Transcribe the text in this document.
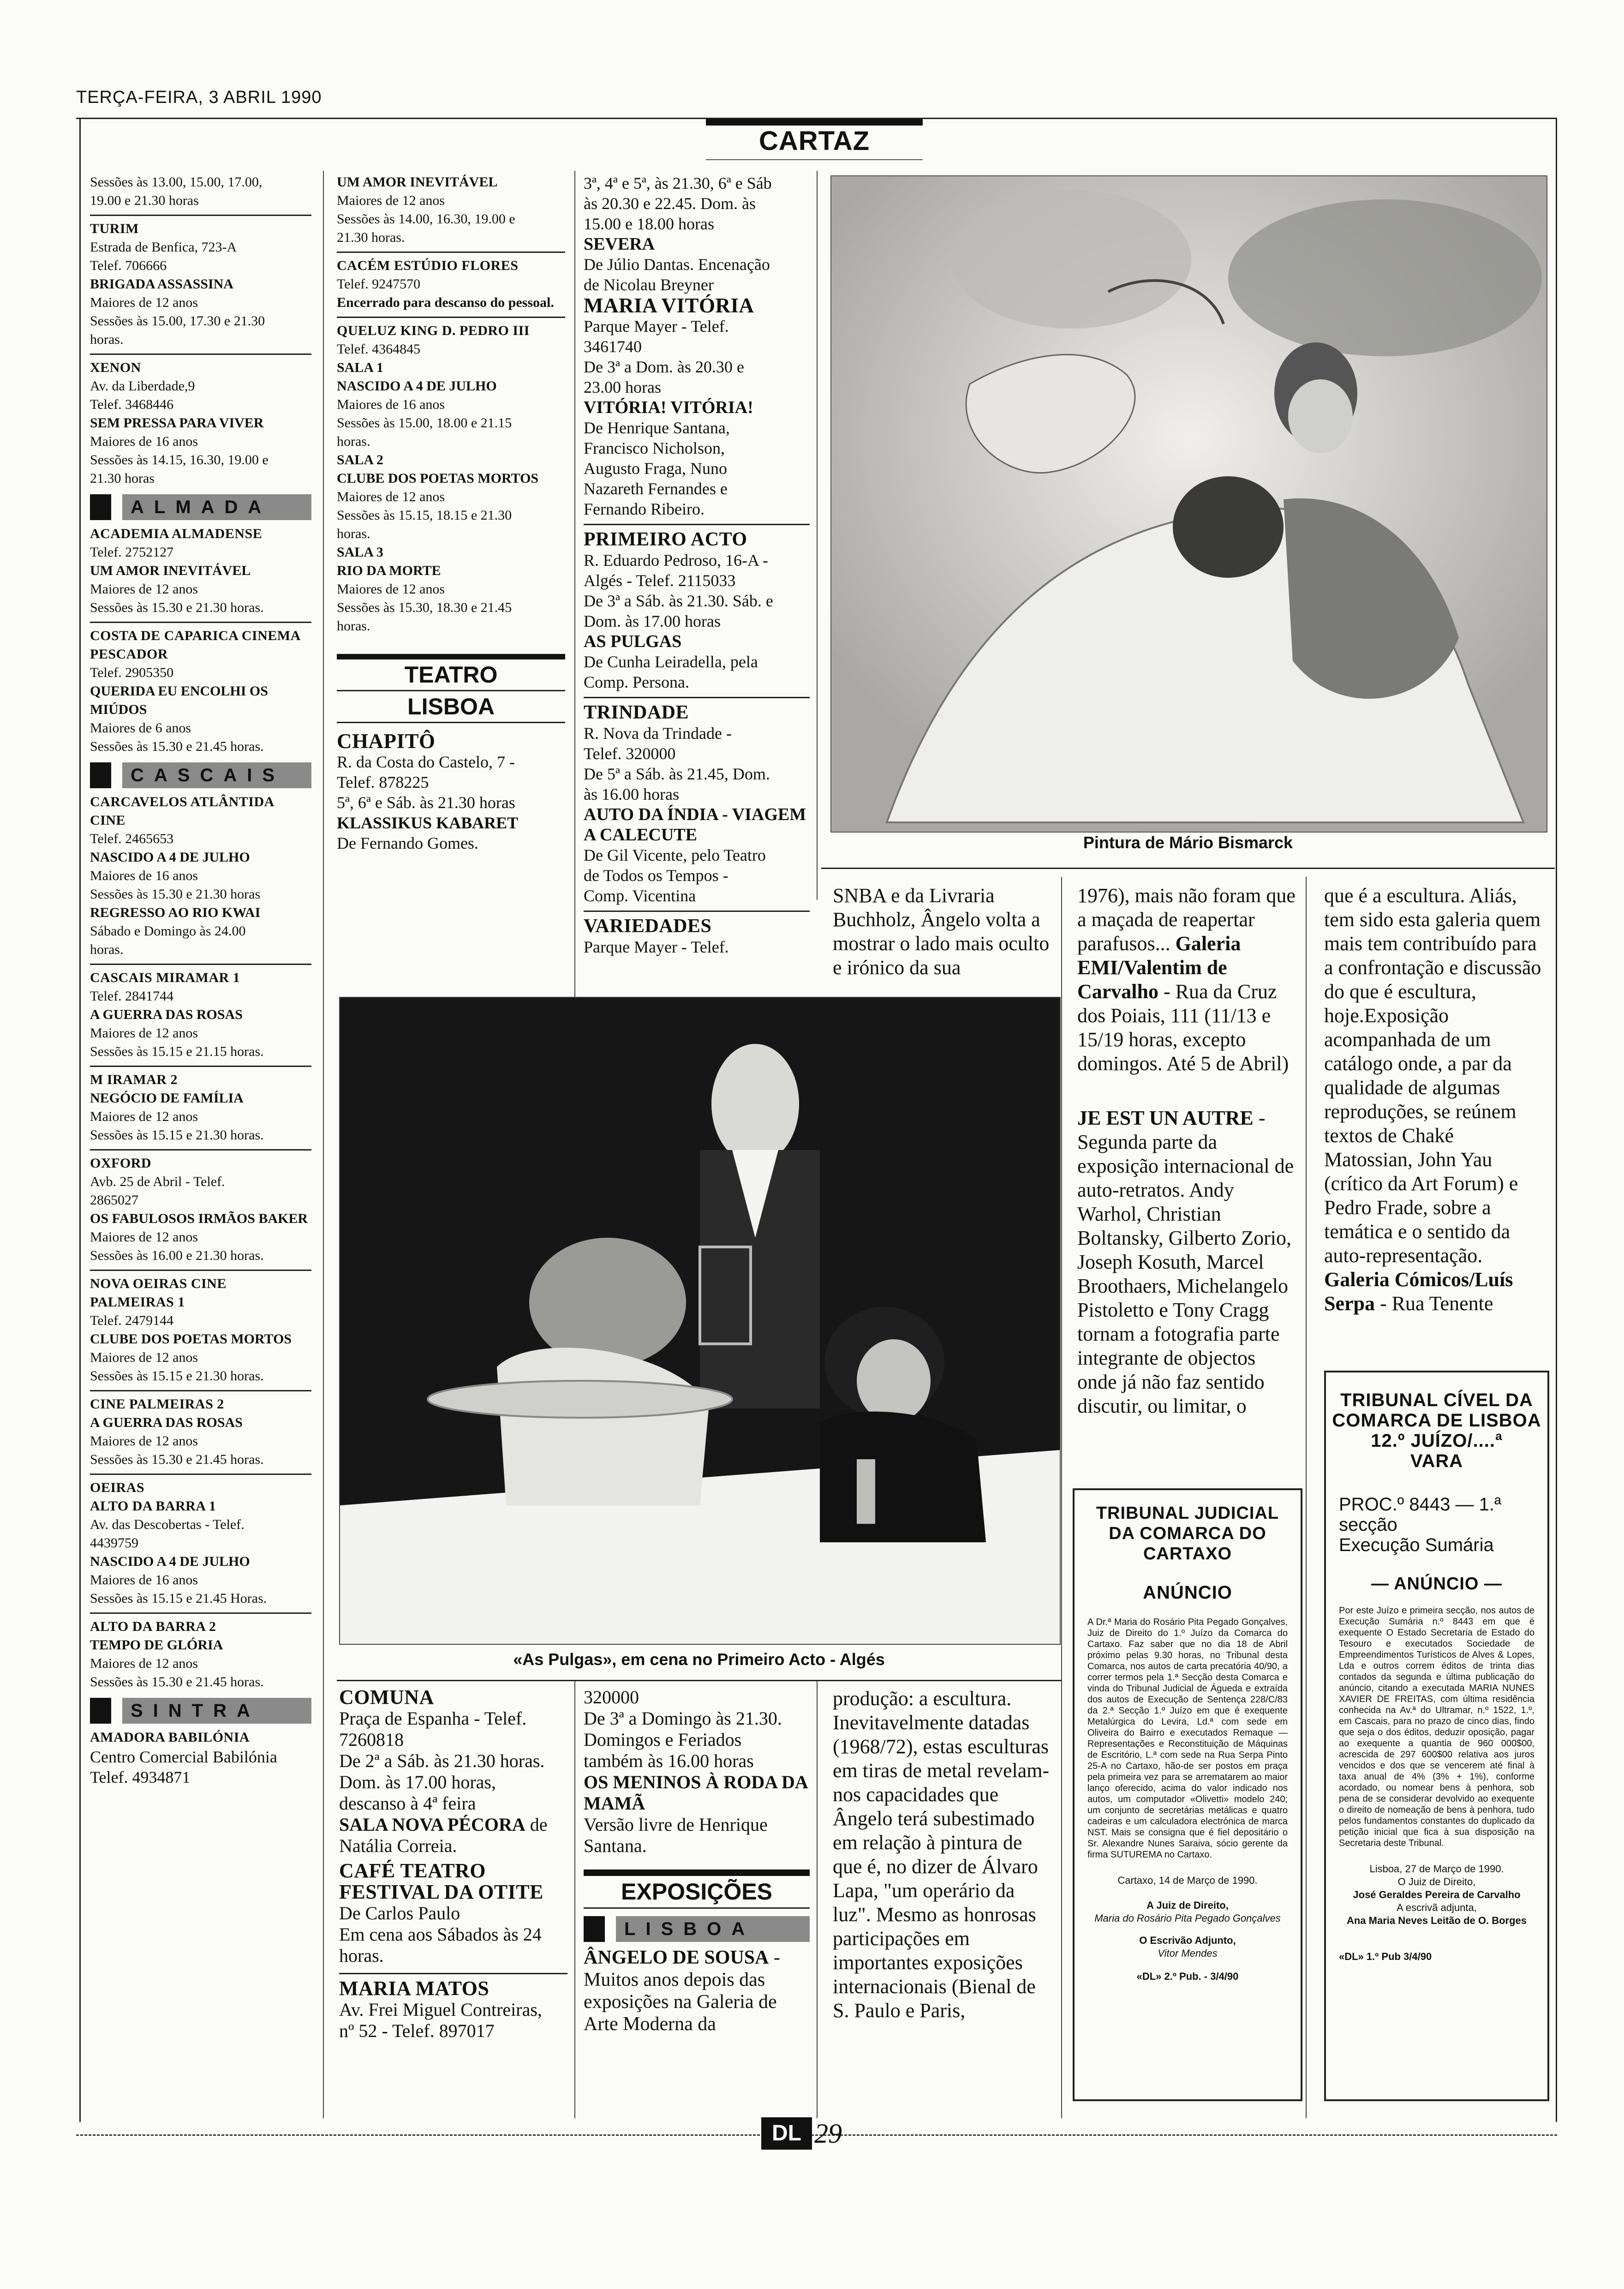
TERÇA-FEIRA, 3 ABRIL 1990
CARTAZ
Sessões às 13.00, 15.00, 17.00,
19.00 e 21.30 horas
TURIM
Estrada de Benfica, 723-A
Telef. 706666
BRIGADA ASSASSINA
Maiores de 12 anos
Sessões às 15.00, 17.30 e 21.30
horas.
XENON
Av. da Liberdade,9
Telef. 3468446
SEM PRESSA PARA VIVER
Maiores de 16 anos
Sessões às 14.15, 16.30, 19.00 e
21.30 horas
ALMADA
ACADEMIA ALMADENSE
Telef. 2752127
UM AMOR INEVITÁVEL
Maiores de 12 anos
Sessões às 15.30 e 21.30 horas.
COSTA DE CAPARICA CINEMA PESCADOR
Telef. 2905350
QUERIDA EU ENCOLHI OS MIÚDOS
Maiores de 6 anos
Sessões às 15.30 e 21.45 horas.
CASCAIS
CARCAVELOS ATLÂNTIDA CINE
Telef. 2465653
NASCIDO A 4 DE JULHO
Maiores de 16 anos
Sessões às 15.30 e 21.30 horas
REGRESSO AO RIO KWAI
Sábado e Domingo às 24.00
horas.
CASCAIS MIRAMAR 1
Telef. 2841744
A GUERRA DAS ROSAS
Maiores de 12 anos
Sessões às 15.15 e 21.15 horas.
M IRAMAR 2
NEGÓCIO DE FAMÍLIA
Maiores de 12 anos
Sessões às 15.15 e 21.30 horas.
OXFORD
Avb. 25 de Abril - Telef.
2865027
OS FABULOSOS IRMÃOS BAKER
Maiores de 12 anos
Sessões às 16.00 e 21.30 horas.
NOVA OEIRAS CINE PALMEIRAS 1
Telef. 2479144
CLUBE DOS POETAS MORTOS
Maiores de 12 anos
Sessões às 15.15 e 21.30 horas.
CINE PALMEIRAS 2
A GUERRA DAS ROSAS
Maiores de 12 anos
Sessões às 15.30 e 21.45 horas.
OEIRAS
ALTO DA BARRA 1
Av. das Descobertas - Telef.
4439759
NASCIDO A 4 DE JULHO
Maiores de 16 anos
Sessões às 15.15 e 21.45 Horas.
ALTO DA BARRA 2
TEMPO DE GLÓRIA
Maiores de 12 anos
Sessões às 15.30 e 21.45 horas.
SINTRA
AMADORA BABILÓNIA
Centro Comercial Babilónia
Telef. 4934871
UM AMOR INEVITÁVEL
Maiores de 12 anos
Sessões às 14.00, 16.30, 19.00 e
21.30 horas.
CACÉM ESTÚDIO FLORES
Telef. 9247570
Encerrado para descanso do pessoal.
QUELUZ KING D. PEDRO III
Telef. 4364845
SALA 1
NASCIDO A 4 DE JULHO
Maiores de 16 anos
Sessões às 15.00, 18.00 e 21.15
horas.
SALA 2
CLUBE DOS POETAS MORTOS
Maiores de 12 anos
Sessões às 15.15, 18.15 e 21.30
horas.
SALA 3
RIO DA MORTE
Maiores de 12 anos
Sessões às 15.30, 18.30 e 21.45
horas.
TEATRO
LISBOA
CHAPITÔ
R. da Costa do Castelo, 7 -
Telef. 878225
5ª, 6ª e Sáb. às 21.30 horas
KLASSIKUS KABARET
De Fernando Gomes.
3ª, 4ª e 5ª, às 21.30, 6ª e Sáb
às 20.30 e 22.45. Dom. às
15.00 e 18.00 horas
SEVERA
De Júlio Dantas. Encenação
de Nicolau Breyner
MARIA VITÓRIA
Parque Mayer - Telef.
3461740
De 3ª a Dom. às 20.30 e
23.00 horas
VITÓRIA! VITÓRIA!
De Henrique Santana,
Francisco Nicholson,
Augusto Fraga, Nuno
Nazareth Fernandes e
Fernando Ribeiro.
PRIMEIRO ACTO
R. Eduardo Pedroso, 16-A -
Algés - Telef. 2115033
De 3ª a Sáb. às 21.30. Sáb. e
Dom. às 17.00 horas
AS PULGAS
De Cunha Leiradella, pela
Comp. Persona.
TRINDADE
R. Nova da Trindade -
Telef. 320000
De 5ª a Sáb. às 21.45, Dom.
às 16.00 horas
AUTO DA ÍNDIA - VIAGEM A CALECUTE
De Gil Vicente, pelo Teatro
de Todos os Tempos -
Comp. Vicentina
VARIEDADES
Parque Mayer - Telef.
Pintura de Mário Bismarck
SNBA e da Livraria Buchholz, Ângelo volta a mostrar o lado mais oculto e irónico da sua
1976), mais não foram que a maçada de reapertar parafusos... Galeria EMI/Valentim de Carvalho - Rua da Cruz dos Poiais, 111 (11/13 e 15/19 horas, excepto domingos. Até 5 de Abril)
JE EST UN AUTRE - Segunda parte da exposição internacional de auto-retratos. Andy Warhol, Christian Boltansky, Gilberto Zorio, Joseph Kosuth, Marcel Broothaers, Michelangelo Pistoletto e Tony Cragg tornam a fotografia parte integrante de objectos onde já não faz sentido discutir, ou limitar, o
que é a escultura. Aliás, tem sido esta galeria quem mais tem contribuído para a confrontação e discussão do que é escultura, hoje.Exposição acompanhada de um catálogo onde, a par da qualidade de algumas reproduções, se reúnem textos de Chaké Matossian, John Yau (crítico da Art Forum) e Pedro Frade, sobre a temática e o sentido da auto-representação. Galeria Cómicos/Luís Serpa - Rua Tenente
«As Pulgas», em cena no Primeiro Acto - Algés
COMUNA
Praça de Espanha - Telef.
7260818
De 2ª a Sáb. às 21.30 horas.
Dom. às 17.00 horas,
descanso à 4ª feira
SALA NOVA PÉCORA de Natália Correia.
CAFÉ TEATRO FESTIVAL DA OTITE
De Carlos Paulo
Em cena aos Sábados às 24
horas.
MARIA MATOS
Av. Frei Miguel Contreiras,
nº 52 - Telef. 897017
320000
De 3ª a Domingo às 21.30.
Domingos e Feriados
também às 16.00 horas
OS MENINOS À RODA DA MAMÃ
Versão livre de Henrique
Santana.
EXPOSIÇÕES
LISBOA
ÂNGELO DE SOUSA - Muitos anos depois das exposições na Galeria de Arte Moderna da
produção: a escultura. Inevitavelmente datadas (1968/72), estas esculturas em tiras de metal revelam-nos capacidades que Ângelo terá subestimado em relação à pintura de que é, no dizer de Álvaro Lapa, "um operário da luz". Mesmo as honrosas participações em importantes exposições internacionais (Bienal de S. Paulo e Paris,
TRIBUNAL JUDICIAL
DA COMARCA DO
CARTAXO
ANÚNCIO
A Dr.ª Maria do Rosário Pita Pegado Gonçalves, Juiz de Direito do 1.º Juízo da Comarca do Cartaxo. Faz saber que no dia 18 de Abril próximo pelas 9.30 horas, no Tribunal desta Comarca, nos autos de carta precatória 40/90, a correr termos pela 1.ª Secção desta Comarca e vinda do Tribunal Judicial de Águeda e extraída dos autos de Execução de Sentença 228/C/83 da 2.ª Secção 1.º Juízo em que é exequente Metalúrgica do Levira, Ld.ª com sede em Oliveira do Bairro e executados Remaque — Representações e Reconstituição de Máquinas de Escritório, L.ª com sede na Rua Serpa Pinto 25-A no Cartaxo, hão-de ser postos em praça pela primeira vez para se arrematarem ao maior lanço oferecido, acima do valor indicado nos autos, um computador «Olivetti» modelo 240; um conjunto de secretárias metálicas e quatro cadeiras e um calculadora electrónica de marca NST. Mais se consigna que é fiel depositário o Sr. Alexandre Nunes Saraiva, sócio gerente da firma SUTUREMA no Cartaxo.
Cartaxo, 14 de Março de 1990.
A Juiz de Direito,
Maria do Rosário Pita Pegado Gonçalves
O Escrivão Adjunto,
Vitor Mendes
«DL» 2.º Pub. - 3/4/90
TRIBUNAL CÍVEL DA
COMARCA DE LISBOA
12.º JUÍZO/....ª
VARA
PROC.º 8443 — 1.ª
secção
Execução Sumária
— ANÚNCIO —
Por este Juízo e primeira secção, nos autos de Execução Sumária n.º 8443 em que é exequente O Estado Secretaria de Estado do Tesouro e executados Sociedade de Empreendimentos Turísticos de Alves & Lopes, Lda e outros correm éditos de trinta dias contados da segunda e última publicação do anúncio, citando a executada MARIA NUNES XAVIER DE FREITAS, com última residência conhecida na Av.ª do Ultramar, n.º 1522, 1.º, em Cascais, para no prazo de cinco dias, findo que seja o dos éditos, deduzir oposição, pagar ao exequente a quantia de 960 000$00, acrescida de 297 600$00 relativa aos juros vencidos e dos que se vencerem até final à taxa anual de 4% (3% + 1%), conforme acordado, ou nomear bens à penhora, sob pena de se considerar devolvido ao exequente o direito de nomeação de bens à penhora, tudo pelos fundamentos constantes do duplicado da petição inicial que fica à sua disposição na Secretaria deste Tribunal.
Lisboa, 27 de Março de 1990.
O Juiz de Direito,
José Geraldes Pereira de Carvalho
A escrivã adjunta,
Ana Maria Neves Leitão de O. Borges
«DL» 1.º Pub 3/4/90
DL 29
